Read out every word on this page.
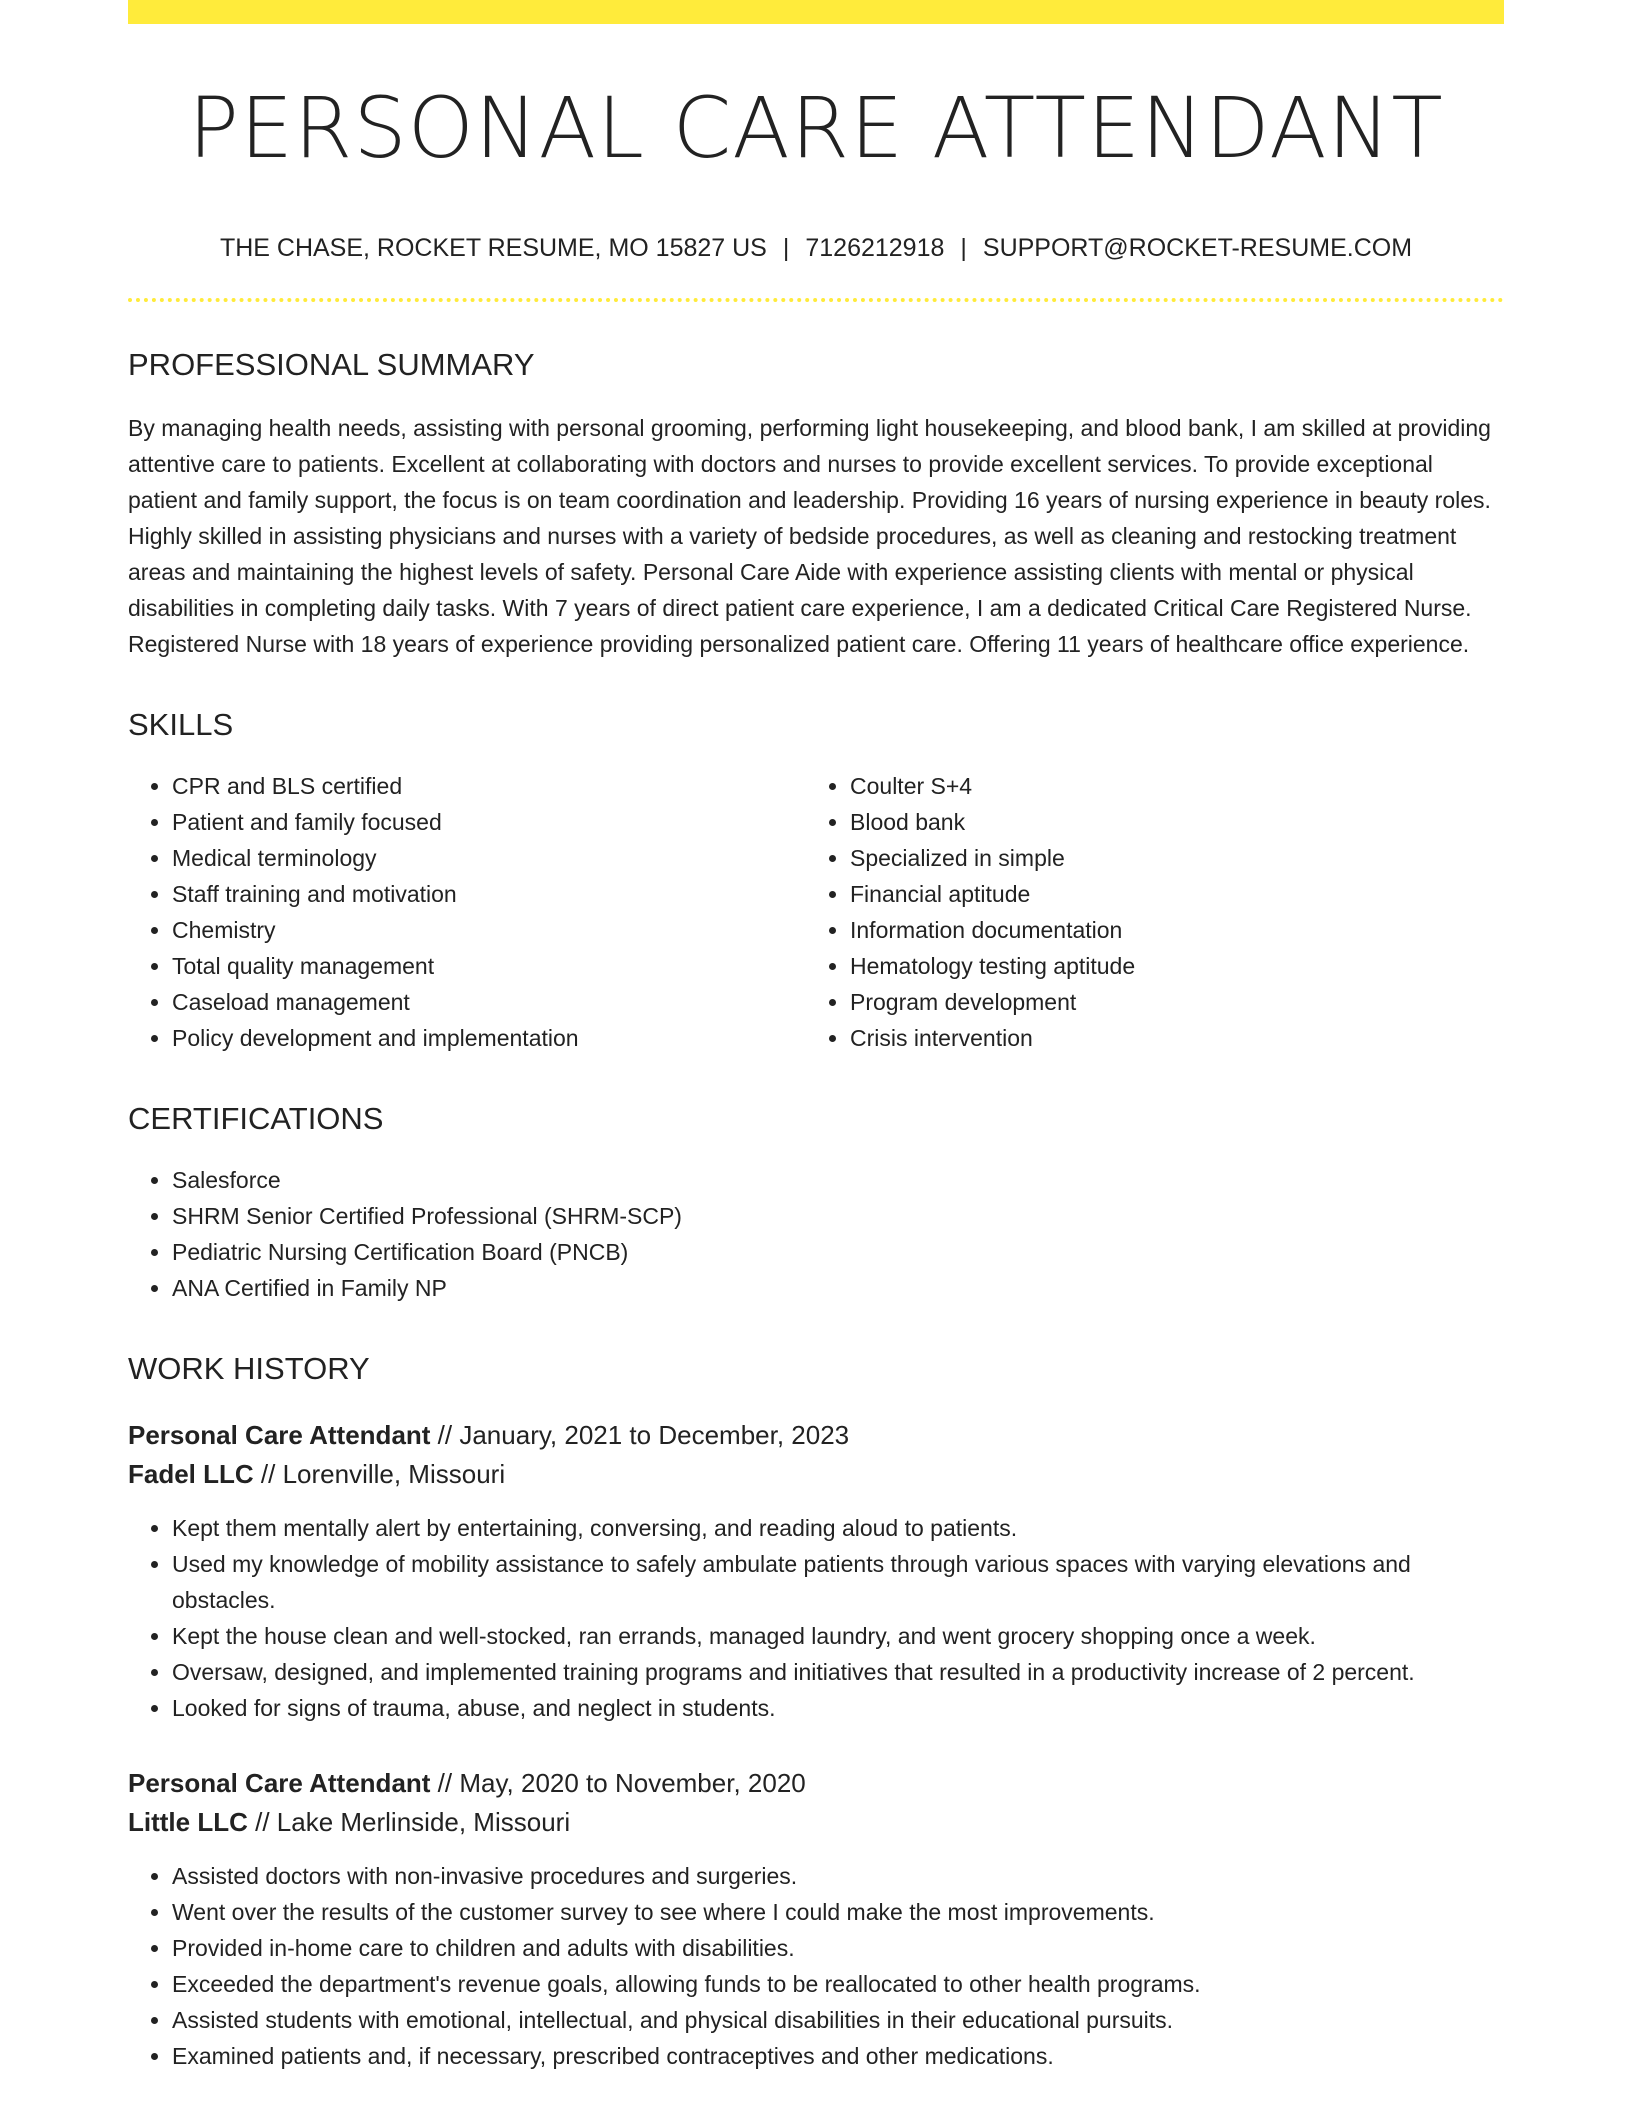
PERSONAL CARE ATTENDANT
THE CHASE, ROCKET RESUME, MO 15827 US | 7126212918 | SUPPORT@ROCKET-RESUME.COM
PROFESSIONAL SUMMARY
By managing health needs, assisting with personal grooming, performing light housekeeping, and blood bank, I am skilled at providing attentive care to patients. Excellent at collaborating with doctors and nurses to provide excellent services. To provide exceptional patient and family support, the focus is on team coordination and leadership. Providing 16 years of nursing experience in beauty roles. Highly skilled in assisting physicians and nurses with a variety of bedside procedures, as well as cleaning and restocking treatment areas and maintaining the highest levels of safety. Personal Care Aide with experience assisting clients with mental or physical disabilities in completing daily tasks. With 7 years of direct patient care experience, I am a dedicated Critical Care Registered Nurse. Registered Nurse with 18 years of experience providing personalized patient care. Offering 11 years of healthcare office experience.
SKILLS
• CPR and BLS certified
• Patient and family focused
• Medical terminology
• Staff training and motivation
• Chemistry
• Total quality management
• Caseload management
• Policy development and implementation
• Coulter S+4
• Blood bank
• Specialized in simple
• Financial aptitude
• Information documentation
• Hematology testing aptitude
• Program development
• Crisis intervention
CERTIFICATIONS
• Salesforce
• SHRM Senior Certified Professional (SHRM-SCP)
• Pediatric Nursing Certification Board (PNCB)
• ANA Certified in Family NP
WORK HISTORY
Personal Care Attendant // January, 2021 to December, 2023
Fadel LLC // Lorenville, Missouri
• Kept them mentally alert by entertaining, conversing, and reading aloud to patients.
• Used my knowledge of mobility assistance to safely ambulate patients through various spaces with varying elevations and obstacles.
• Kept the house clean and well-stocked, ran errands, managed laundry, and went grocery shopping once a week.
• Oversaw, designed, and implemented training programs and initiatives that resulted in a productivity increase of 2 percent.
• Looked for signs of trauma, abuse, and neglect in students.
Personal Care Attendant // May, 2020 to November, 2020
Little LLC // Lake Merlinside, Missouri
• Assisted doctors with non-invasive procedures and surgeries.
• Went over the results of the customer survey to see where I could make the most improvements.
• Provided in-home care to children and adults with disabilities.
• Exceeded the department's revenue goals, allowing funds to be reallocated to other health programs.
• Assisted students with emotional, intellectual, and physical disabilities in their educational pursuits.
• Examined patients and, if necessary, prescribed contraceptives and other medications.
